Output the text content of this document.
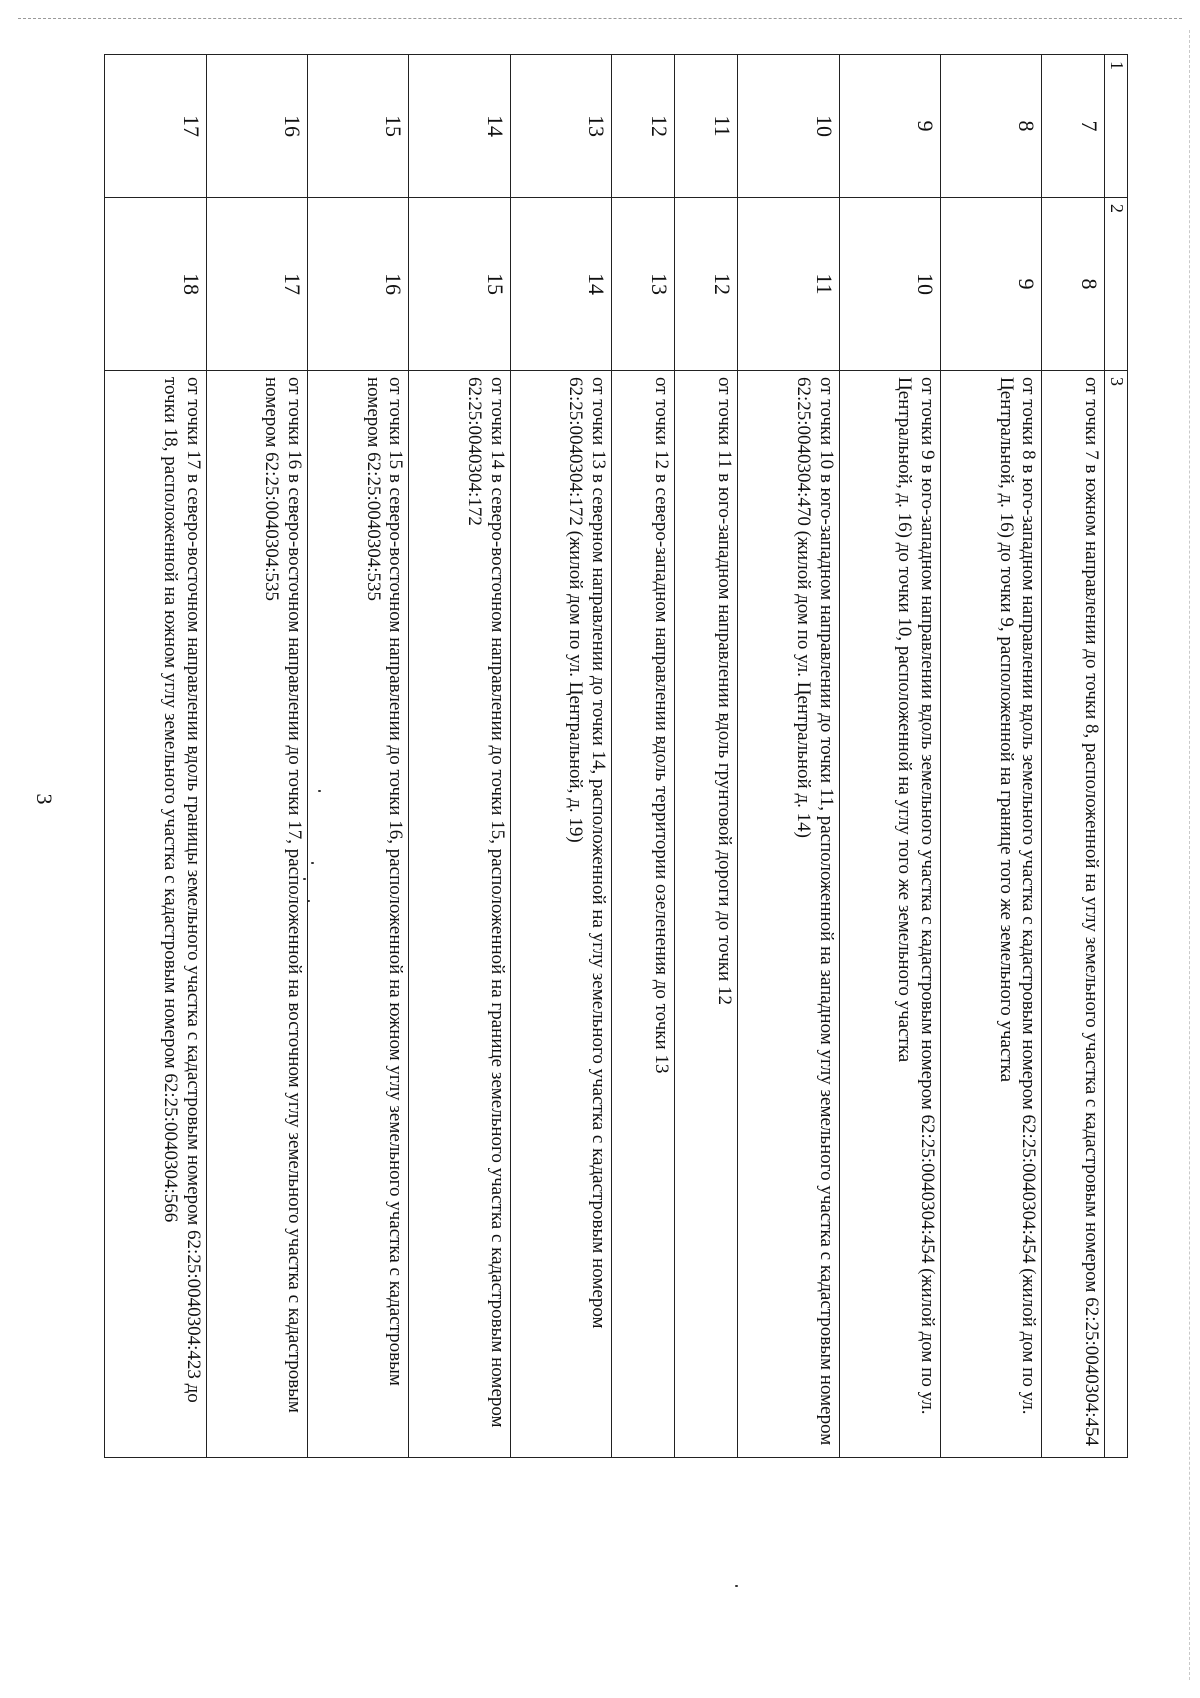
3
1	2	3
7	8	от точки 7 в южном направлении до точки 8, расположенной на углу земельного участка с кадастровым номером 62:25:0040304:454
8	9	от точки 8 в юго-западном направлении вдоль земельного участка с кадастровым номером 62:25:0040304:454 (жилой дом по ул. Центральной, д. 16) до точки 9, расположенной на границе того же земельного участка
9	10	от точки 9 в юго-западном направлении вдоль земельного участка с кадастровым номером 62:25:0040304:454 (жилой дом по ул. Центральной, д. 16) до точки 10, расположенной на углу того же земельного участка
10	11	от точки 10 в юго-западном направлении до точки 11, расположенной на западном углу земельного участка с кадастровым номером 62:25:0040304:470 (жилой дом по ул. Центральной д. 14)
11	12	от точки 11 в юго-западном направлении вдоль грунтовой дороги до точки 12
12	13	от точки 12 в северо-западном направлении вдоль территории озеленения до точки 13
13	14	от точки 13 в северном направлении до точки 14, расположенной на углу земельного участка с кадастровым номером 62:25:0040304:172 (жилой дом по ул. Центральной, д. 19)
14	15	от точки 14 в северо-восточном направлении до точки 15, расположенной на границе земельного участка с кадастровым номером 62:25:0040304:172
15	16	от точки 15 в северо-восточном направлении до точки 16, расположенной на южном углу земельного участка с кадастровым номером 62:25:0040304:535
16	17	от точки 16 в северо-восточном направлении до точки 17, расположенной на восточном углу земельного участка с кадастровым номером 62:25:0040304:535
17	18	от точки 17 в северо-восточном направлении вдоль границы земельного участка с кадастровым номером 62:25:0040304:423 до точки 18, расположенной на южном углу земельного участка с кадастровым номером 62:25:0040304:566
